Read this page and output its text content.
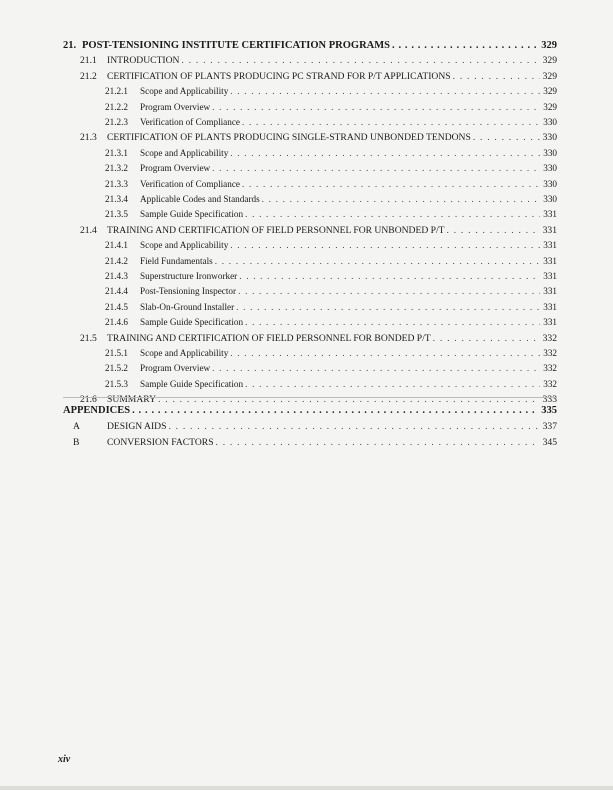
21. POST-TENSIONING INSTITUTE CERTIFICATION PROGRAMS . . .	329
21.1	INTRODUCTION . . .	329
21.2	CERTIFICATION OF PLANTS PRODUCING PC STRAND FOR P/T APPLICATIONS . . .	329
21.2.1	Scope and Applicability . . .	329
21.2.2	Program Overview . . .	329
21.2.3	Verification of Compliance . . .	330
21.3	CERTIFICATION OF PLANTS PRODUCING SINGLE-STRAND UNBONDED TENDONS . . .	330
21.3.1	Scope and Applicability . . .	330
21.3.2	Program Overview . . .	330
21.3.3	Verification of Compliance . . .	330
21.3.4	Applicable Codes and Standards . . .	330
21.3.5	Sample Guide Specification . . .	331
21.4	TRAINING AND CERTIFICATION OF FIELD PERSONNEL FOR UNBONDED P/T . . .	331
21.4.1	Scope and Applicability . . .	331
21.4.2	Field Fundamentals . . .	331
21.4.3	Superstructure Ironworker . . .	331
21.4.4	Post-Tensioning Inspector . . .	331
21.4.5	Slab-On-Ground Installer . . .	331
21.4.6	Sample Guide Specification . . .	331
21.5	TRAINING AND CERTIFICATION OF FIELD PERSONNEL FOR BONDED P/T . . .	332
21.5.1	Scope and Applicability . . .	332
21.5.2	Program Overview . . .	332
21.5.3	Sample Guide Specification . . .	332
21.6	SUMMARY . . .	333
APPENDICES . . .	335
A	DESIGN AIDS . . .	337
B	CONVERSION FACTORS . . .	345
xiv
